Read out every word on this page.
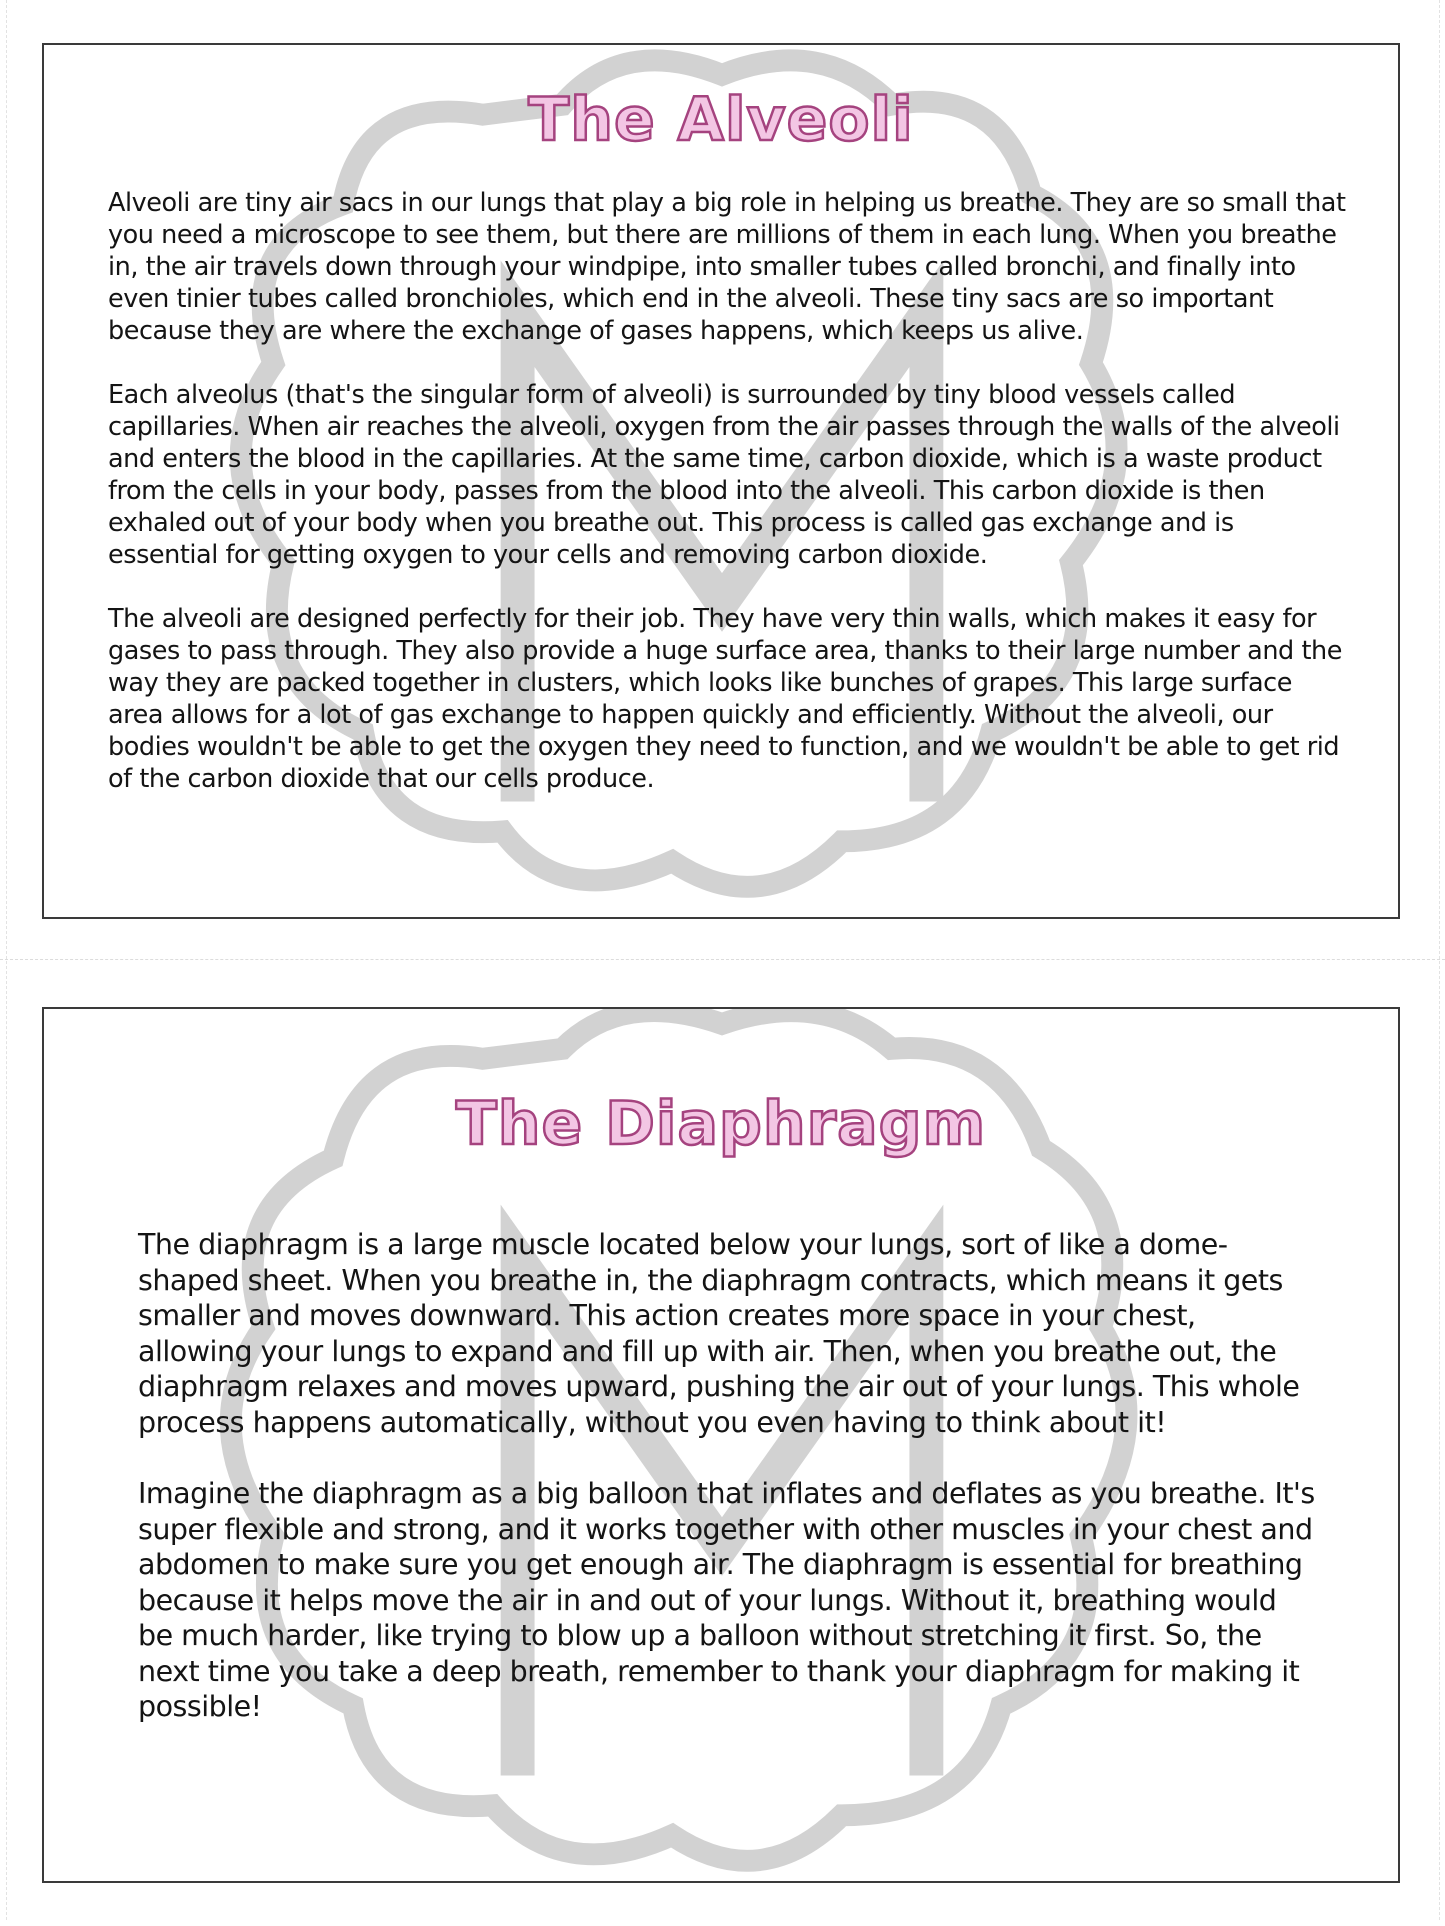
The Alveoli

Alveoli are tiny air sacs in our lungs that play a big role in helping us breathe. They are so small that you need a microscope to see them, but there are millions of them in each lung. When you breathe in, the air travels down through your windpipe, into smaller tubes called bronchi, and finally into even tinier tubes called bronchioles, which end in the alveoli. These tiny sacs are so important because they are where the exchange of gases happens, which keeps us alive.

Each alveolus (that's the singular form of alveoli) is surrounded by tiny blood vessels called capillaries. When air reaches the alveoli, oxygen from the air passes through the walls of the alveoli and enters the blood in the capillaries. At the same time, carbon dioxide, which is a waste product from the cells in your body, passes from the blood into the alveoli. This carbon dioxide is then exhaled out of your body when you breathe out. This process is called gas exchange and is essential for getting oxygen to your cells and removing carbon dioxide.

The alveoli are designed perfectly for their job. They have very thin walls, which makes it easy for gases to pass through. They also provide a huge surface area, thanks to their large number and the way they are packed together in clusters, which looks like bunches of grapes. This large surface area allows for a lot of gas exchange to happen quickly and efficiently. Without the alveoli, our bodies wouldn't be able to get the oxygen they need to function, and we wouldn't be able to get rid of the carbon dioxide that our cells produce.

The Diaphragm

The diaphragm is a large muscle located below your lungs, sort of like a dome-shaped sheet. When you breathe in, the diaphragm contracts, which means it gets smaller and moves downward. This action creates more space in your chest, allowing your lungs to expand and fill up with air. Then, when you breathe out, the diaphragm relaxes and moves upward, pushing the air out of your lungs. This whole process happens automatically, without you even having to think about it!

Imagine the diaphragm as a big balloon that inflates and deflates as you breathe. It's super flexible and strong, and it works together with other muscles in your chest and abdomen to make sure you get enough air. The diaphragm is essential for breathing because it helps move the air in and out of your lungs. Without it, breathing would be much harder, like trying to blow up a balloon without stretching it first. So, the next time you take a deep breath, remember to thank your diaphragm for making it possible!
